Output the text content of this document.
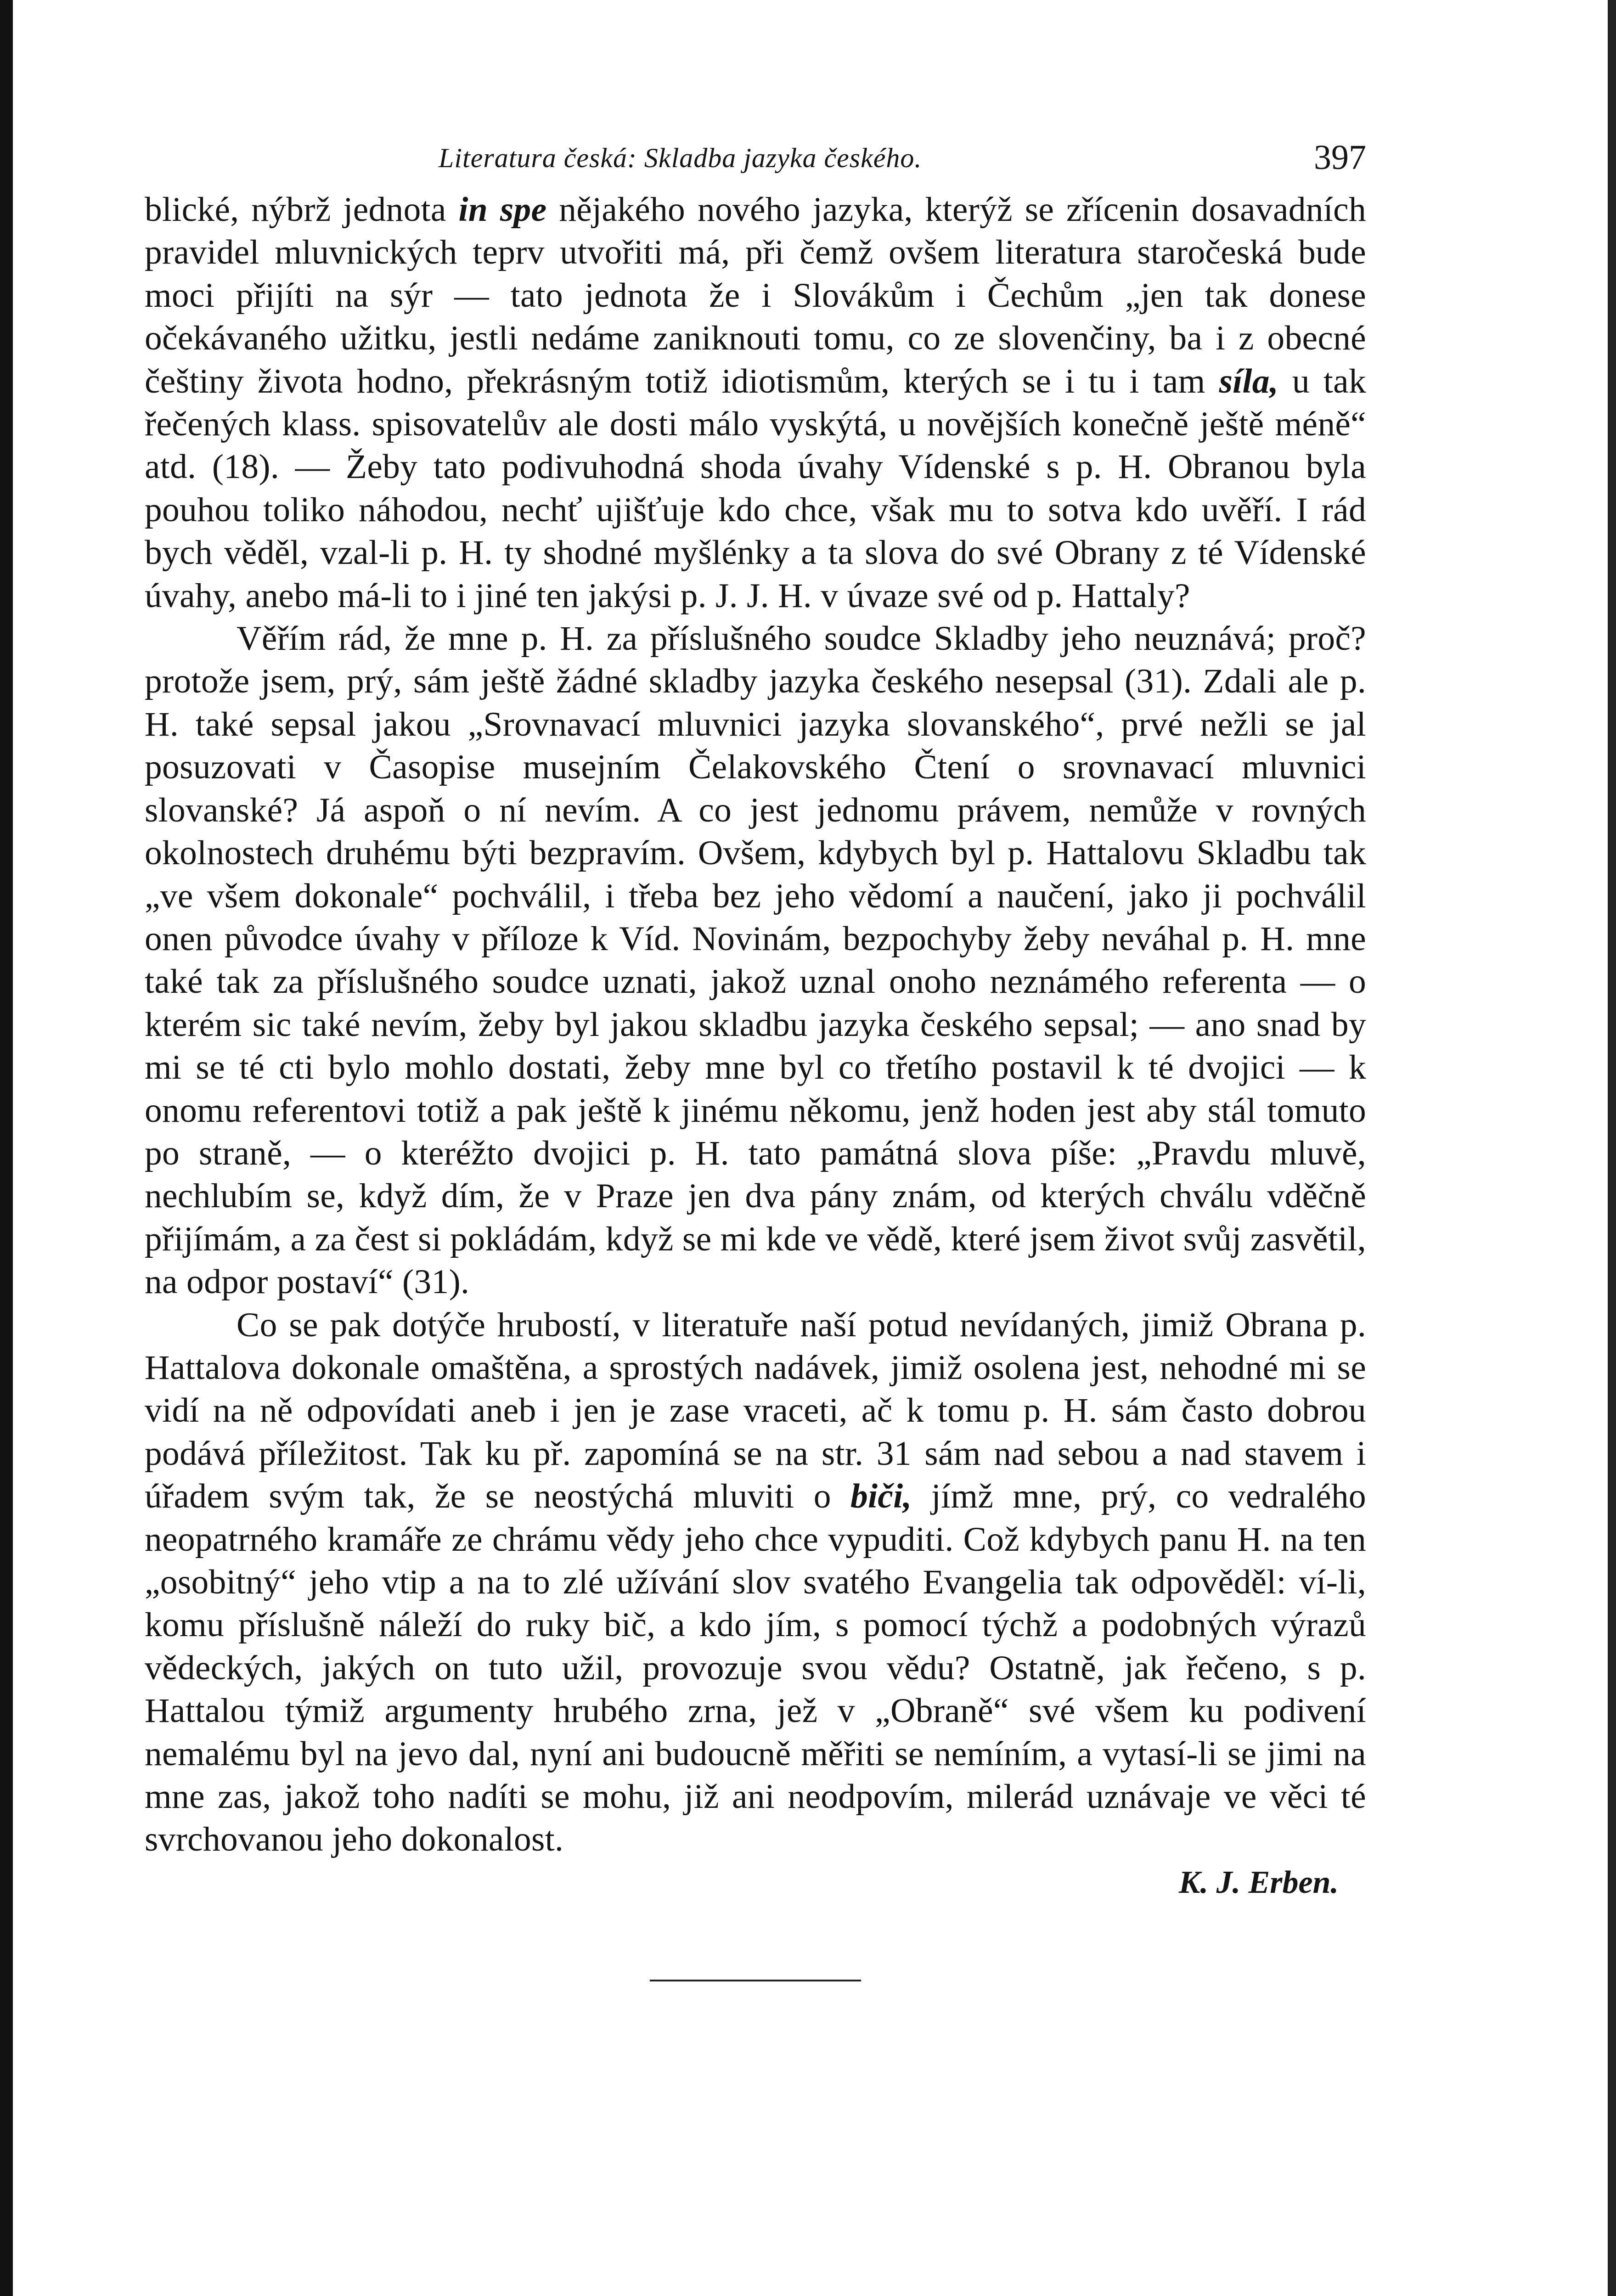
Literatura česká: Skladba jazyka českého.	397

blické, nýbrž jednota in spe nějakého nového jazyka, kterýž se zřícenin dosavadních pravidel mluvnických teprv utvořiti má, při čemž ovšem literatura staročeská bude moci přijíti na sýr — tato jednota že i Slovákům i Čechům „jen tak donese očekávaného užitku, jestli nedáme zaniknouti tomu, co ze slovenčiny, ba i z obecné češtiny života hodno, překrásným totiž idiotismům, kterých se i tu i tam síla, u tak řečených klass. spisovatelův ale dosti málo vyskýtá, u novějších konečně ještě méně“ atd. (18). — Žeby tato podivuhodná shoda úvahy Vídenské s p. H. Obranou byla pouhou toliko náhodou, nechť ujišťuje kdo chce, však mu to sotva kdo uvěří. I rád bych věděl, vzal-li p. H. ty shodné myšlénky a ta slova do své Obrany z té Vídenské úvahy, anebo má-li to i jiné ten jakýsi p. J. J. H. v úvaze své od p. Hattaly?

Věřím rád, že mne p. H. za příslušného soudce Skladby jeho neuznává; proč? protože jsem, prý, sám ještě žádné skladby jazyka českého nesepsal (31). Zdali ale p. H. také sepsal jakou „Srovnavací mluvnici jazyka slovanského“, prvé nežli se jal posuzovati v Časopise musejním Čelakovského Čtení o srovnavací mluvnici slovanské? Já aspoň o ní nevím. A co jest jednomu právem, nemůže v rovných okolnostech druhému býti bezpravím. Ovšem, kdybych byl p. Hattalovu Skladbu tak „ve všem dokonale“ pochválil, i třeba bez jeho vědomí a naučení, jako ji pochválil onen původce úvahy v příloze k Víd. Novinám, bezpochyby žeby neváhal p. H. mne také tak za příslušného soudce uznati, jakož uznal onoho neznámého referenta — o kterém sic také nevím, žeby byl jakou skladbu jazyka českého sepsal; — ano snad by mi se té cti bylo mohlo dostati, žeby mne byl co třetího postavil k té dvojici — k onomu referentovi totiž a pak ještě k jinému někomu, jenž hoden jest aby stál tomuto po straně, — o kteréžto dvojici p. H. tato památná slova píše: „Pravdu mluvě, nechlubím se, když dím, že v Praze jen dva pány znám, od kterých chválu vděčně přijímám, a za čest si pokládám, když se mi kde ve vědě, které jsem život svůj zasvětil, na odpor postaví“ (31).

Co se pak dotýče hrubostí, v literatuře naší potud nevídaných, jimiž Obrana p. Hattalova dokonale omaštěna, a sprostých nadávek, jimiž osolena jest, nehodné mi se vidí na ně odpovídati aneb i jen je zase vraceti, ač k tomu p. H. sám často dobrou podává příležitost. Tak ku př. zapomíná se na str. 31 sám nad sebou a nad stavem i úřadem svým tak, že se neostýchá mluviti o biči, jímž mne, prý, co vedralého neopatrného kramáře ze chrámu vědy jeho chce vypuditi. Což kdybych panu H. na ten „osobitný“ jeho vtip a na to zlé užívání slov svatého Evangelia tak odpověděl: ví-li, komu příslušně náleží do ruky bič, a kdo jím, s pomocí týchž a podobných výrazů vědeckých, jakých on tuto užil, provozuje svou vědu? Ostatně, jak řečeno, s p. Hattalou týmiž argumenty hrubého zrna, jež v „Obraně“ své všem ku podivení nemalému byl na jevo dal, nyní ani budoucně měřiti se nemíním, a vytasí-li se jimi na mne zas, jakož toho nadíti se mohu, již ani neodpovím, milerád uznávaje ve věci té svrchovanou jeho dokonalost.

K. J. Erben.
